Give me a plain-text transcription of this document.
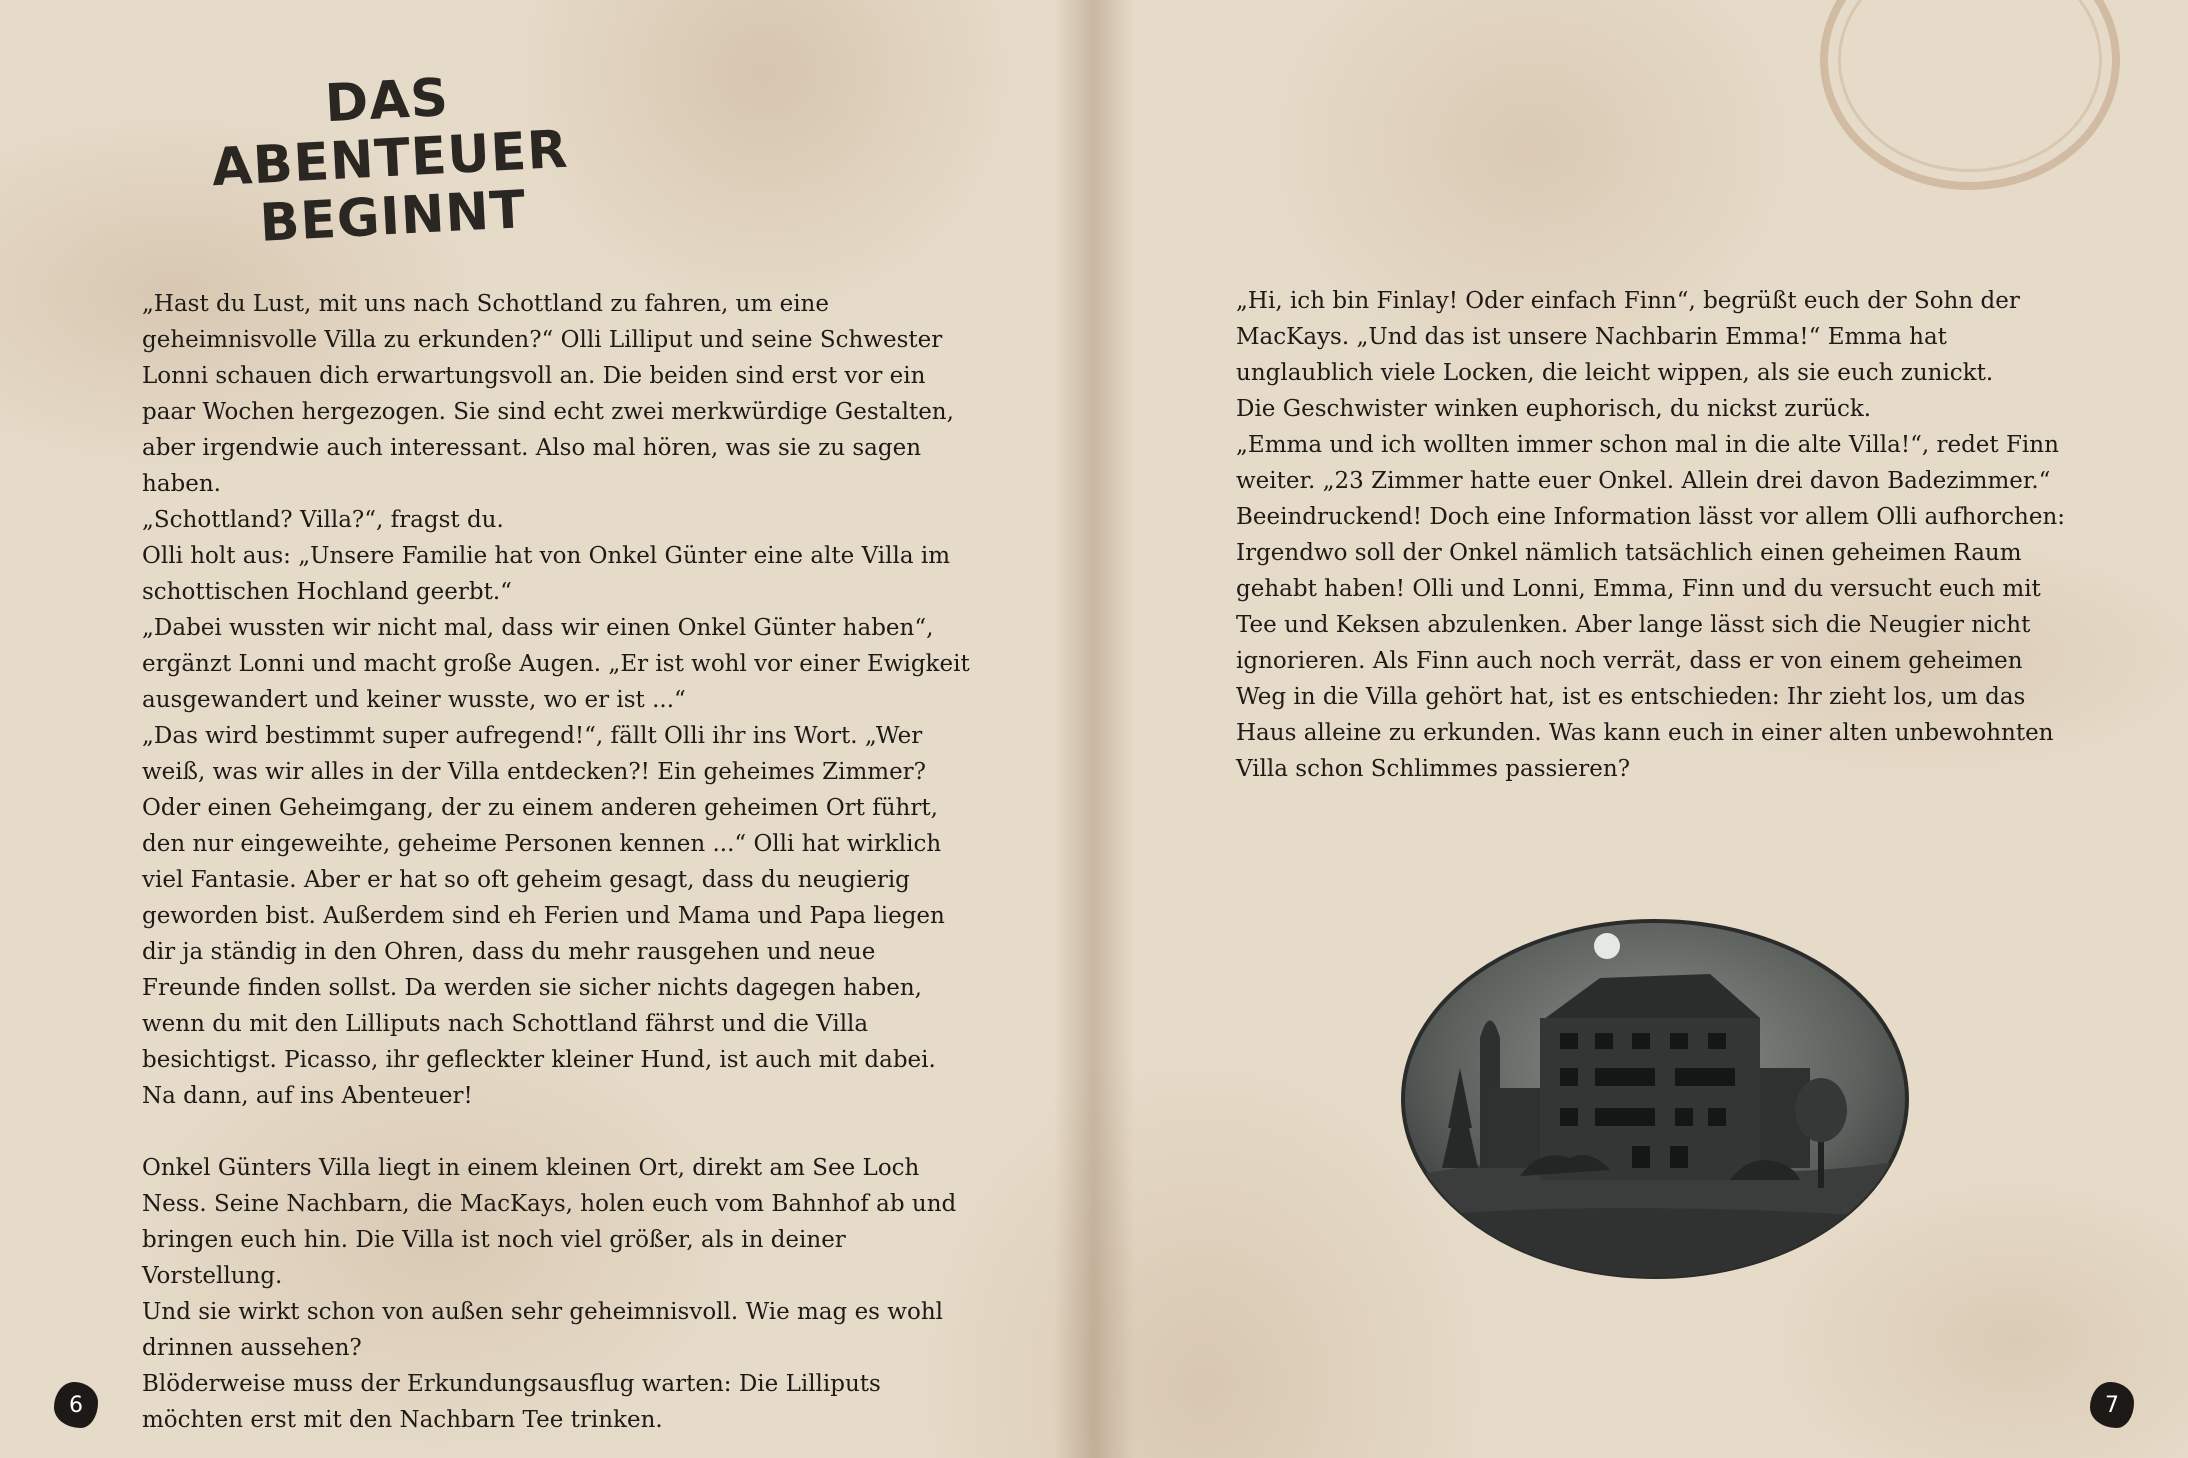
DAS
ABENTEUER
BEGINNT

„Hast du Lust, mit uns nach Schottland zu fahren, um eine geheimnisvolle Villa zu erkunden?“ Olli Lilliput und seine Schwester Lonni schauen dich erwartungsvoll an. Die beiden sind erst vor ein paar Wochen hergezogen. Sie sind echt zwei merkwürdige Gestalten, aber irgendwie auch interessant. Also mal hören, was sie zu sagen haben.

„Schottland? Villa?“, fragst du.

Olli holt aus: „Unsere Familie hat von Onkel Günter eine alte Villa im schottischen Hochland geerbt.“

„Dabei wussten wir nicht mal, dass wir einen Onkel Günter haben“, ergänzt Lonni und macht große Augen. „Er ist wohl vor einer Ewigkeit ausgewandert und keiner wusste, wo er ist ...“

„Das wird bestimmt super aufregend!“, fällt Olli ihr ins Wort. „Wer weiß, was wir alles in der Villa entdecken?! Ein geheimes Zimmer? Oder einen Geheimgang, der zu einem anderen geheimen Ort führt, den nur eingeweihte, geheime Personen kennen ...“ Olli hat wirklich viel Fantasie. Aber er hat so oft geheim gesagt, dass du neugierig geworden bist. Außerdem sind eh Ferien und Mama und Papa liegen dir ja ständig in den Ohren, dass du mehr rausgehen und neue Freunde finden sollst. Da werden sie sicher nichts dagegen haben, wenn du mit den Lilliputs nach Schottland fährst und die Villa besichtigst. Picasso, ihr gefleckter kleiner Hund, ist auch mit dabei. Na dann, auf ins Abenteuer!

Onkel Günters Villa liegt in einem kleinen Ort, direkt am See Loch Ness. Seine Nachbarn, die MacKays, holen euch vom Bahnhof ab und bringen euch hin. Die Villa ist noch viel größer, als in deiner Vorstellung.

Und sie wirkt schon von außen sehr geheimnisvoll. Wie mag es wohl drinnen aussehen?

Blöderweise muss der Erkundungsausflug warten: Die Lilliputs möchten erst mit den Nachbarn Tee trinken.

„Hi, ich bin Finlay! Oder einfach Finn“, begrüßt euch der Sohn der MacKays. „Und das ist unsere Nachbarin Emma!“ Emma hat unglaublich viele Locken, die leicht wippen, als sie euch zunickt.

Die Geschwister winken euphorisch, du nickst zurück.

„Emma und ich wollten immer schon mal in die alte Villa!“, redet Finn weiter. „23 Zimmer hatte euer Onkel. Allein drei davon Badezimmer.“ Beeindruckend! Doch eine Information lässt vor allem Olli aufhorchen: Irgendwo soll der Onkel nämlich tatsächlich einen geheimen Raum gehabt haben! Olli und Lonni, Emma, Finn und du versucht euch mit Tee und Keksen abzulenken. Aber lange lässt sich die Neugier nicht ignorieren. Als Finn auch noch verrät, dass er von einem geheimen Weg in die Villa gehört hat, ist es entschieden: Ihr zieht los, um das Haus alleine zu erkunden. Was kann euch in einer alten unbewohnten Villa schon Schlimmes passieren?

6	7
